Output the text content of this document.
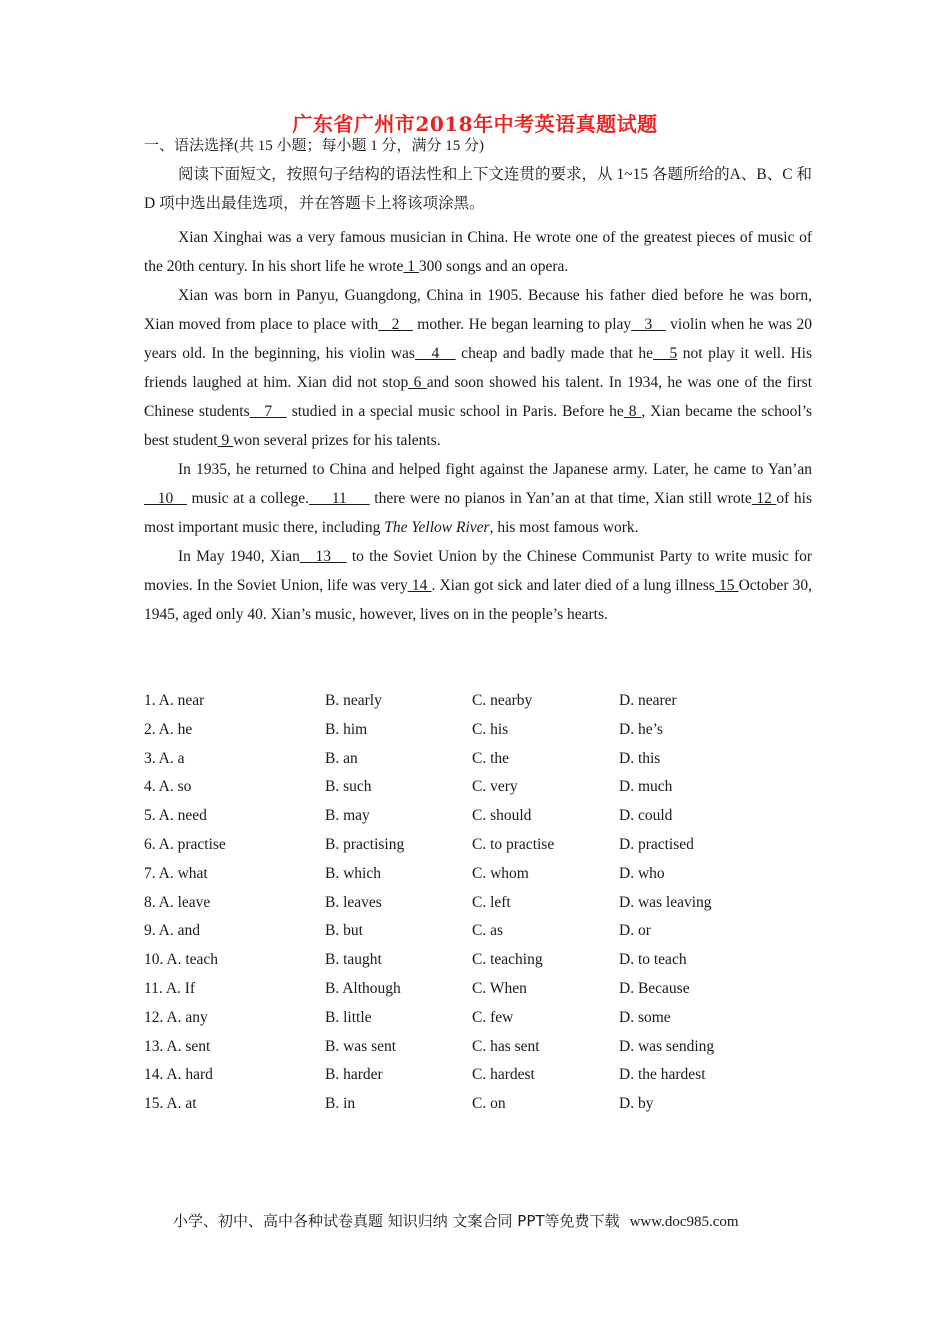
广东省广州市2018年中考英语真题试题
一、语法选择(共 15 小题；每小题 1 分，满分 15 分)

阅读下面短文，按照句子结构的语法性和上下文连贯的要求，从 1~15 各题所给的A、B、C 和 D 项中选出最佳选项，并在答题卡上将该项涂黑。

Xian Xinghai was a very famous musician in China. He wrote one of the greatest pieces of music of the 20th century. In his short life he wrote 1 300 songs and an opera.

Xian was born in Panyu, Guangdong, China in 1905. Because his father died before he was born, Xian moved from place to place with   2    mother. He began learning to play   3    violin when he was 20 years old. In the beginning, his violin was   4    cheap and badly made that he   5 not play it well. His friends laughed at him. Xian did not stop 6 and soon showed his talent. In 1934, he was one of the first Chinese students   7    studied in a special music school in Paris. Before he 8 , Xian became the school’s best student 9 won several prizes for his talents.

In 1935, he returned to China and helped fight against the Japanese army. Later, he came to Yan’an   10    music at a college.     11      there were no pianos in Yan’an at that time, Xian still wrote 12 of his most important music there, including The Yellow River, his most famous work.

In May 1940, Xian   13    to the Soviet Union by the Chinese Communist Party to write music for movies. In the Soviet Union, life was very 14 . Xian got sick and later died of a lung illness 15 October 30, 1945, aged only 40. Xian’s music, however, lives on in the people’s hearts.

1. A. near	B. nearly	C. nearby	D. nearer
2. A. he	B. him	C. his	D. he’s
3. A. a	B. an	C. the	D. this
4. A. so	B. such	C. very	D. much
5. A. need	B. may	C. should	D. could
6. A. practise	B. practising	C. to practise	D. practised
7. A. what	B. which	C. whom	D. who
8. A. leave	B. leaves	C. left	D. was leaving
9. A. and	B. but	C. as	D. or
10. A. teach	B. taught	C. teaching	D. to teach
11. A. If	B. Although	C. When	D. Because
12. A. any	B. little	C. few	D. some
13. A. sent	B. was sent	C. has sent	D. was sending
14. A. hard	B. harder	C. hardest	D. the hardest
15. A. at	B. in	C. on	D. by
小学、初中、高中各种试卷真题 知识归纳 文案合同 PPT等免费下载 www.doc985.com
